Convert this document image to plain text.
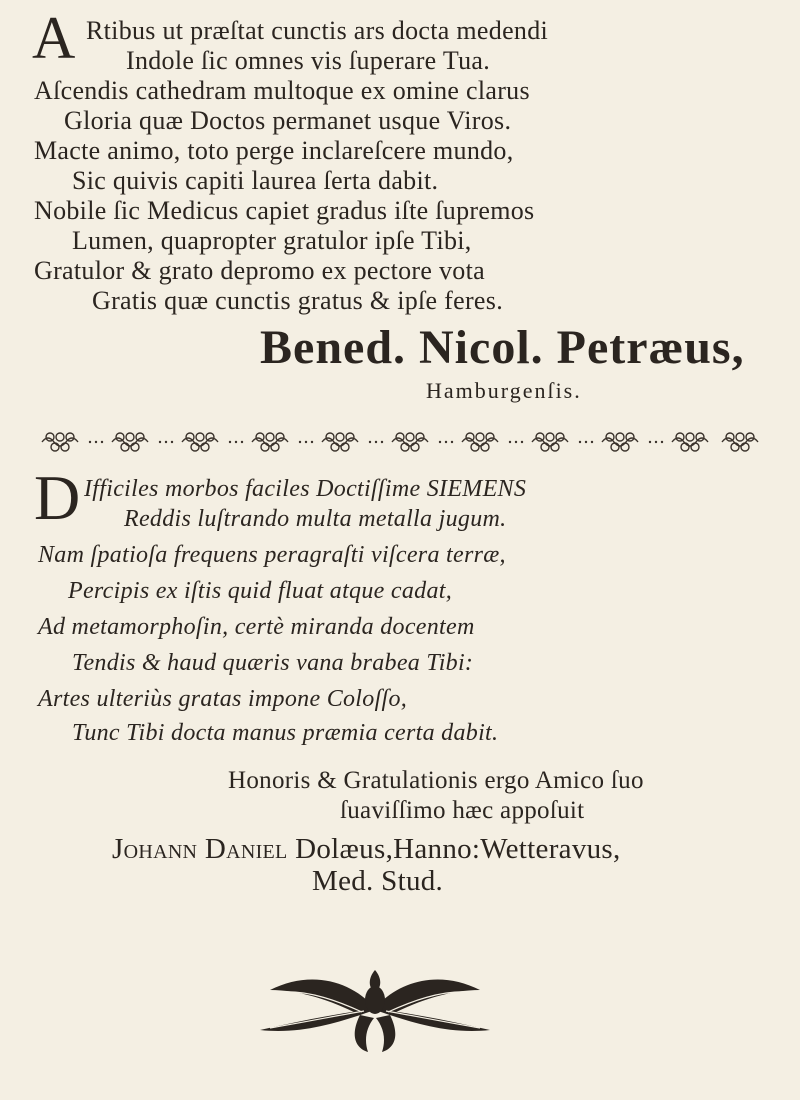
A Rtibus ut præſtat cunctis ars docta medendi
Indole ſic omnes vis ſuperare Tua.
Aſcendis cathedram multoque ex omine clarus
Gloria quæ Doctos permanet usque Viros.
Macte animo, toto perge inclareſcere mundo,
Sic quivis capiti laurea ſerta dabit.
Nobile ſic Medicus capiet gradus iſte ſupremos
Lumen, quapropter gratulor ipſe Tibi,
Gratulor & grato depromo ex pectore vota
Gratis quæ cunctis gratus & ipſe feres.
Bened. Nicol. Petræus,
Hamburgenſis.
D Ifficiles morbos faciles Doctiſſime SIEMENS
Reddis luſtrando multa metalla jugum.
Nam ſpatioſa frequens peragraſti viſcera terræ,
Percipis ex iſtis quid fluat atque cadat,
Ad metamorphoſin, certè miranda docentem
Tendis & haud quæris vana brabea Tibi:
Artes ulteriùs gratas impone Coloſſo,
Tunc Tibi docta manus præmia certa dabit.
Honoris & Gratulationis ergo Amico ſuo
ſuaviſſimo hæc appoſuit
Johann Daniel Dolæus,Hanno:Wetteravus,
Med. Stud.
